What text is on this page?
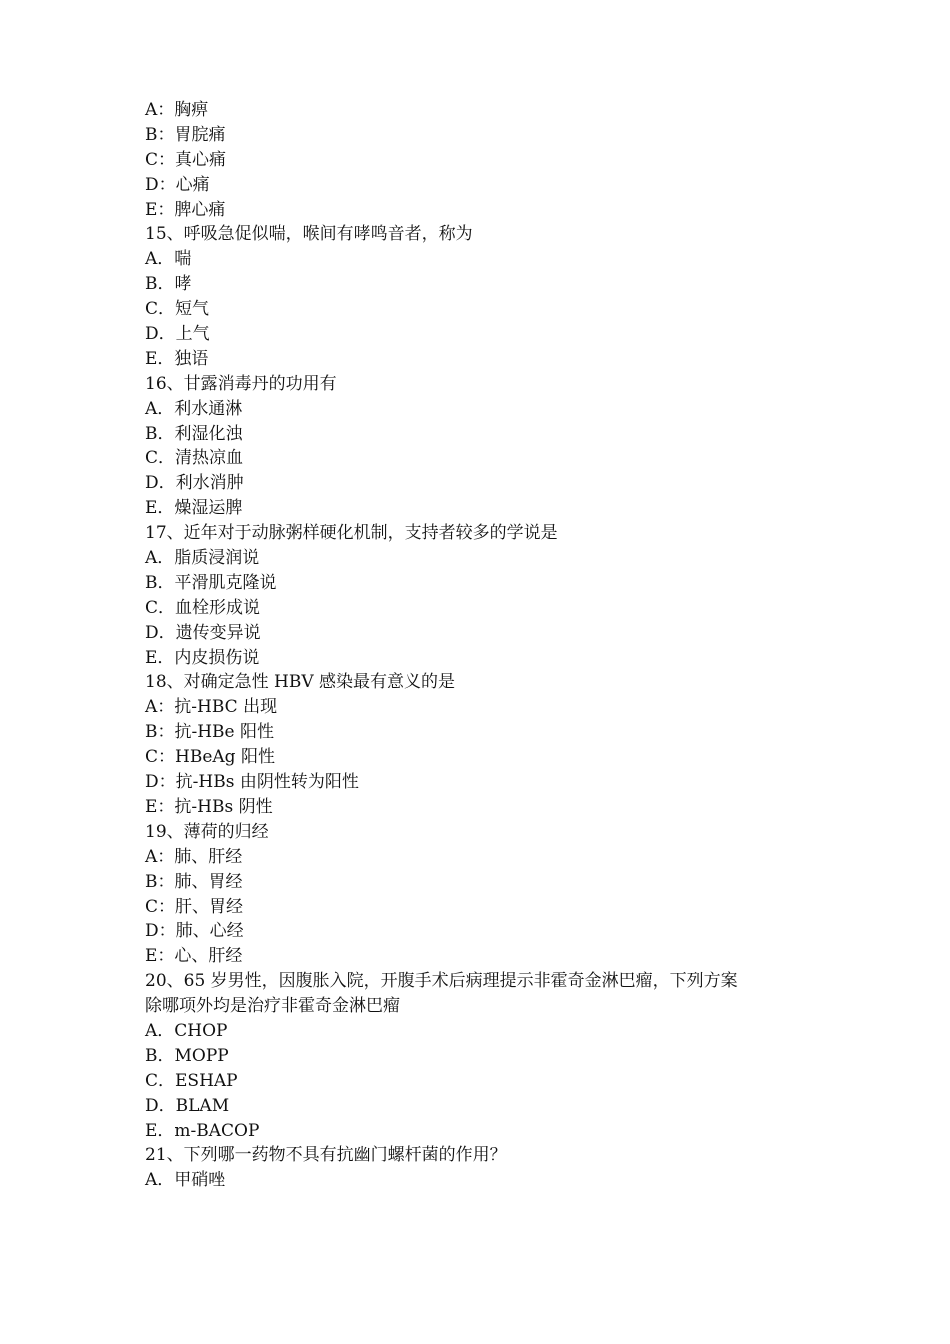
A：胸痹
B：胃脘痛
C：真心痛
D：心痛
E：脾心痛
15、呼吸急促似喘，喉间有哮鸣音者，称为
A．喘
B．哮
C．短气
D．上气
E．独语
16、甘露消毒丹的功用有
A．利水通淋
B．利湿化浊
C．清热凉血
D．利水消肿
E．燥湿运脾
17、近年对于动脉粥样硬化机制，支持者较多的学说是
A．脂质浸润说
B．平滑肌克隆说
C．血栓形成说
D．遗传变异说
E．内皮损伤说
18、对确定急性 HBV 感染最有意义的是
A：抗-HBC 出现
B：抗-HBe 阳性
C：HBeAg 阳性
D：抗-HBs 由阴性转为阳性
E：抗-HBs 阴性
19、薄荷的归经
A：肺、肝经
B：肺、胃经
C：肝、胃经
D：肺、心经
E：心、肝经
20、65 岁男性，因腹胀入院，开腹手术后病理提示非霍奇金淋巴瘤，下列方案
除哪项外均是治疗非霍奇金淋巴瘤
A．CHOP
B．MOPP
C．ESHAP
D．BLAM
E．m-BACOP
21、下列哪一药物不具有抗幽门螺杆菌的作用？
A．甲硝唑
